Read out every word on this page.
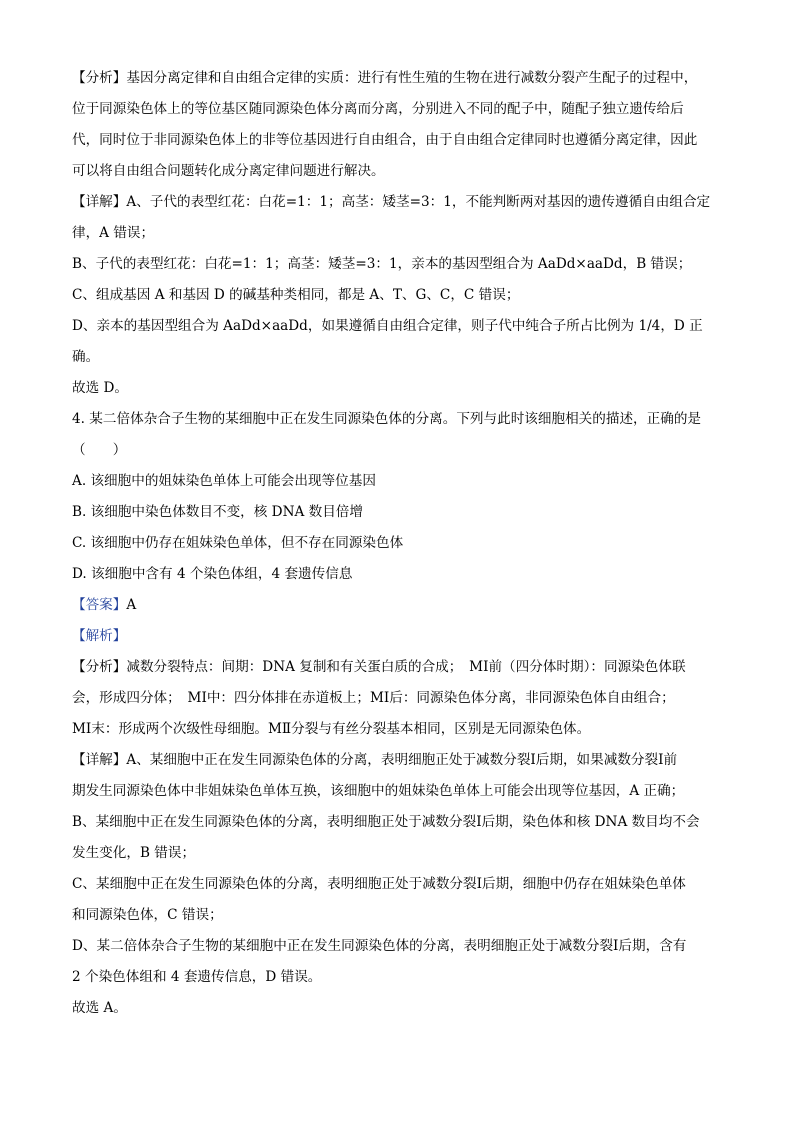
【分析】基因分离定律和自由组合定律的实质：进行有性生殖的生物在进行减数分裂产生配子的过程中，
位于同源染色体上的等位基区随同源染色体分离而分离，分别进入不同的配子中，随配子独立遗传给后
代，同时位于非同源染色体上的非等位基因进行自由组合，由于自由组合定律同时也遵循分离定律，因此
可以将自由组合问题转化成分离定律问题进行解决。
【详解】A、子代的表型红花：白花=1：1；高茎：矮茎=3：1，不能判断两对基因的遗传遵循自由组合定
律，A 错误；
B、子代的表型红花：白花=1：1；高茎：矮茎=3：1，亲本的基因型组合为 AaDd×aaDd，B 错误；
C、组成基因 A 和基因 D 的碱基种类相同，都是 A、T、G、C，C 错误；
D、亲本的基因型组合为 AaDd×aaDd，如果遵循自由组合定律，则子代中纯合子所占比例为 1/4，D 正
确。
故选 D。
4. 某二倍体杂合子生物的某细胞中正在发生同源染色体的分离。下列与此时该细胞相关的描述，正确的是
（　　）
A. 该细胞中的姐妹染色单体上可能会出现等位基因
B. 该细胞中染色体数目不变，核 DNA 数目倍增
C. 该细胞中仍存在姐妹染色单体，但不存在同源染色体
D. 该细胞中含有 4 个染色体组，4 套遗传信息
【答案】A
【解析】
【分析】减数分裂特点：间期：DNA 复制和有关蛋白质的合成；　MⅠ前（四分体时期）：同源染色体联
会，形成四分体；　MⅠ中：四分体排在赤道板上；MⅠ后：同源染色体分离，非同源染色体自由组合；
MⅠ末：形成两个次级性母细胞。MⅡ分裂与有丝分裂基本相同，区别是无同源染色体。
【详解】A、某细胞中正在发生同源染色体的分离，表明细胞正处于减数分裂Ⅰ后期，如果减数分裂Ⅰ前
期发生同源染色体中非姐妹染色单体互换，该细胞中的姐妹染色单体上可能会出现等位基因，A 正确；
B、某细胞中正在发生同源染色体的分离，表明细胞正处于减数分裂Ⅰ后期，染色体和核 DNA 数目均不会
发生变化，B 错误；
C、某细胞中正在发生同源染色体的分离，表明细胞正处于减数分裂Ⅰ后期，细胞中仍存在姐妹染色单体
和同源染色体，C 错误；
D、某二倍体杂合子生物的某细胞中正在发生同源染色体的分离，表明细胞正处于减数分裂Ⅰ后期，含有
2 个染色体组和 4 套遗传信息，D 错误。
故选 A。
